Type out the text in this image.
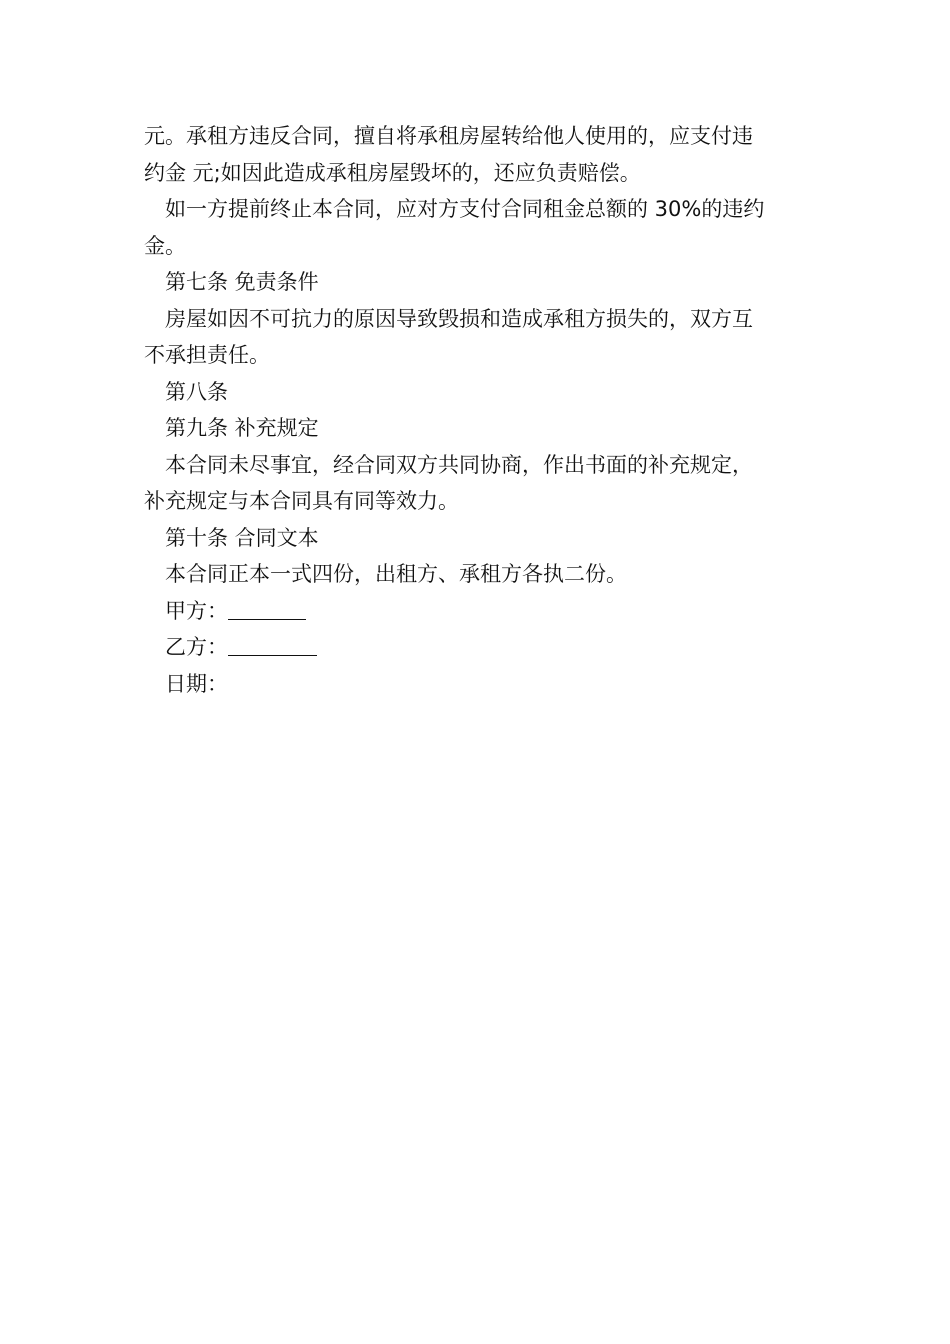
元。承租方违反合同，擅自将承租房屋转给他人使用的，应支付违

约金 元;如因此造成承租房屋毁坏的，还应负责赔偿。

如一方提前终止本合同，应对方支付合同租金总额的 30%的违约

金。

第七条 免责条件

房屋如因不可抗力的原因导致毁损和造成承租方损失的，双方互

不承担责任。

第八条

第九条 补充规定

本合同未尽事宜，经合同双方共同协商，作出书面的补充规定，

补充规定与本合同具有同等效力。

第十条 合同文本

本合同正本一式四份，出租方、承租方各执二份。

甲方：

乙方：

日期：
